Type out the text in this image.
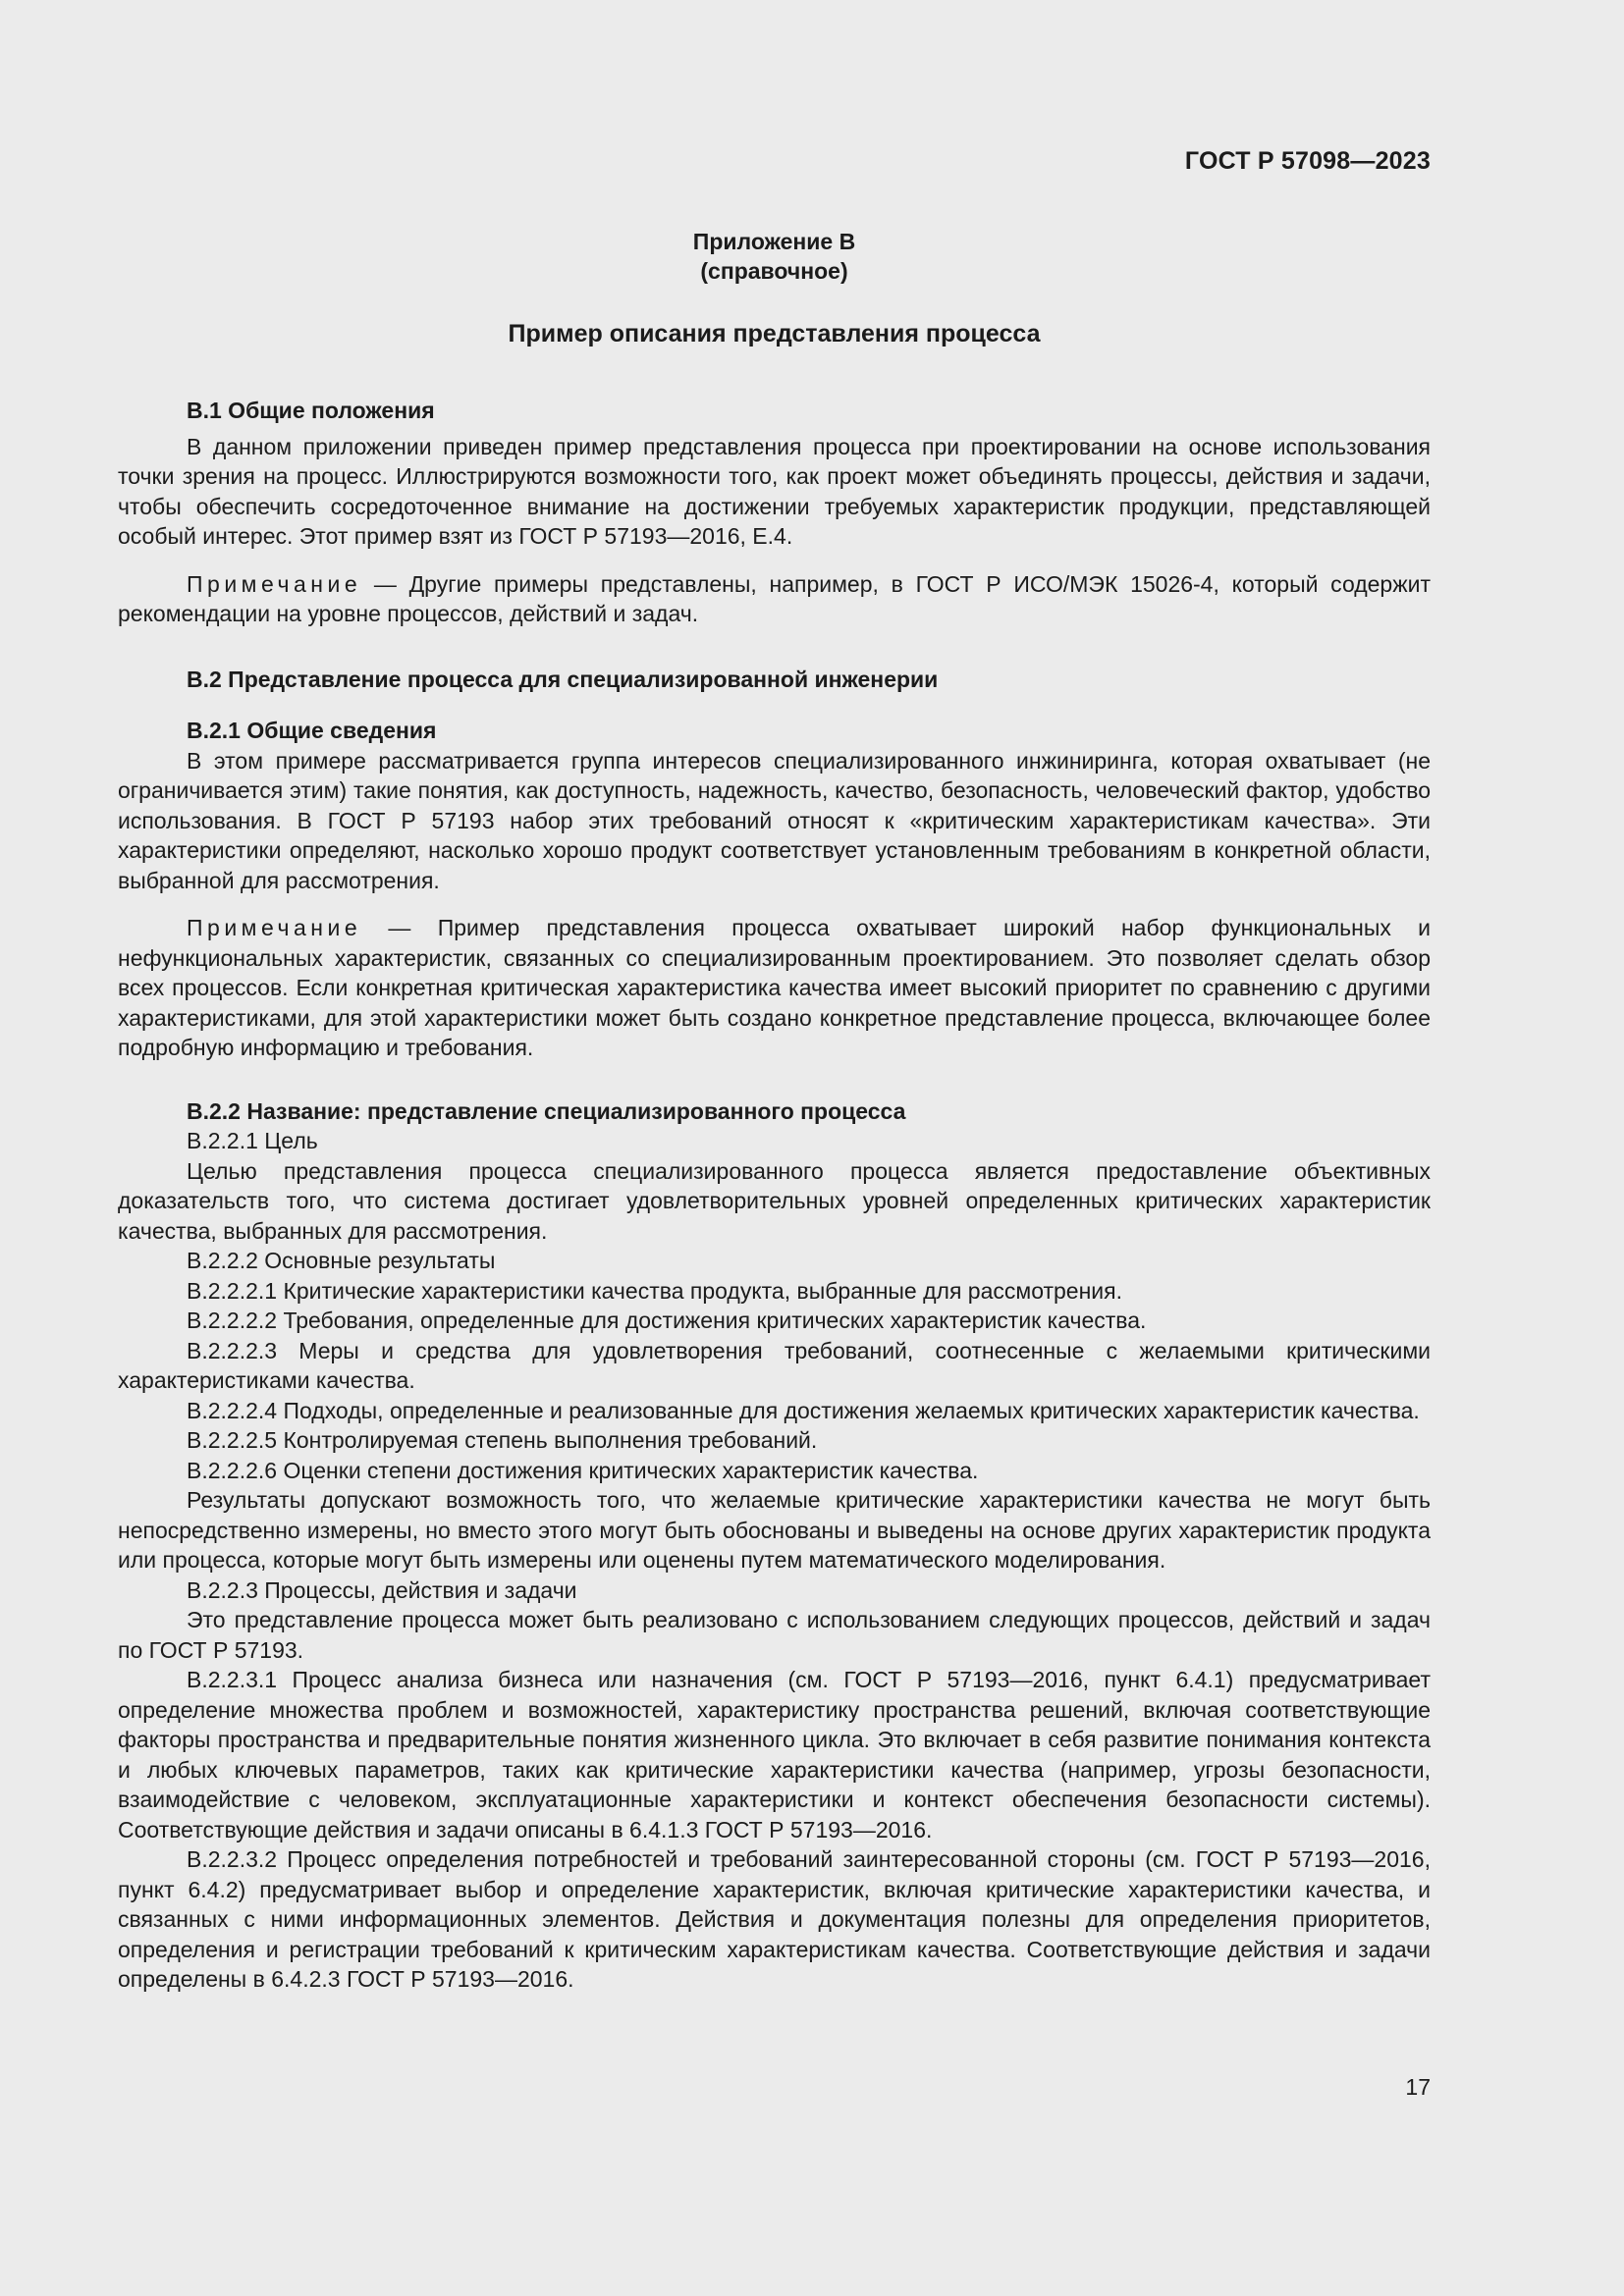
ГОСТ Р 57098—2023
Приложение В
(справочное)
Пример описания представления процесса
В.1 Общие положения

В данном приложении приведен пример представления процесса при проектировании на основе использования точки зрения на процесс. Иллюстрируются возможности того, как проект может объединять процессы, действия и задачи, чтобы обеспечить сосредоточенное внимание на достижении требуемых характеристик продукции, представляющей особый интерес. Этот пример взят из ГОСТ Р 57193—2016, Е.4.

Примечание — Другие примеры представлены, например, в ГОСТ Р ИСО/МЭК 15026-4, который содержит рекомендации на уровне процессов, действий и задач.

В.2 Представление процесса для специализированной инженерии
В.2.1 Общие сведения

В этом примере рассматривается группа интересов специализированного инжиниринга, которая охватывает (не ограничивается этим) такие понятия, как доступность, надежность, качество, безопасность, человеческий фактор, удобство использования. В ГОСТ Р 57193 набор этих требований относят к «критическим характеристикам качества». Эти характеристики определяют, насколько хорошо продукт соответствует установленным требованиям в конкретной области, выбранной для рассмотрения.

Примечание — Пример представления процесса охватывает широкий набор функциональных и нефункциональных характеристик, связанных со специализированным проектированием. Это позволяет сделать обзор всех процессов. Если конкретная критическая характеристика качества имеет высокий приоритет по сравнению с другими характеристиками, для этой характеристики может быть создано конкретное представление процесса, включающее более подробную информацию и требования.

В.2.2 Название: представление специализированного процесса

В.2.2.1 Цель

Целью представления процесса специализированного процесса является предоставление объективных доказательств того, что система достигает удовлетворительных уровней определенных критических характеристик качества, выбранных для рассмотрения.

В.2.2.2 Основные результаты

В.2.2.2.1 Критические характеристики качества продукта, выбранные для рассмотрения.

В.2.2.2.2 Требования, определенные для достижения критических характеристик качества.

В.2.2.2.3 Меры и средства для удовлетворения требований, соотнесенные с желаемыми критическими характеристиками качества.

В.2.2.2.4 Подходы, определенные и реализованные для достижения желаемых критических характеристик качества.

В.2.2.2.5 Контролируемая степень выполнения требований.

В.2.2.2.6 Оценки степени достижения критических характеристик качества.

Результаты допускают возможность того, что желаемые критические характеристики качества не могут быть непосредственно измерены, но вместо этого могут быть обоснованы и выведены на основе других характеристик продукта или процесса, которые могут быть измерены или оценены путем математического моделирования.

В.2.2.3 Процессы, действия и задачи

Это представление процесса может быть реализовано с использованием следующих процессов, действий и задач по ГОСТ Р 57193.

В.2.2.3.1 Процесс анализа бизнеса или назначения (см. ГОСТ Р 57193—2016, пункт 6.4.1) предусматривает определение множества проблем и возможностей, характеристику пространства решений, включая соответствующие факторы пространства и предварительные понятия жизненного цикла. Это включает в себя развитие понимания контекста и любых ключевых параметров, таких как критические характеристики качества (например, угрозы безопасности, взаимодействие с человеком, эксплуатационные характеристики и контекст обеспечения безопасности системы). Соответствующие действия и задачи описаны в 6.4.1.3 ГОСТ Р 57193—2016.

В.2.2.3.2 Процесс определения потребностей и требований заинтересованной стороны (см. ГОСТ Р 57193—2016, пункт 6.4.2) предусматривает выбор и определение характеристик, включая критические характеристики качества, и связанных с ними информационных элементов. Действия и документация полезны для определения приоритетов, определения и регистрации требований к критическим характеристикам качества. Соответствующие действия и задачи определены в 6.4.2.3 ГОСТ Р 57193—2016.

17
